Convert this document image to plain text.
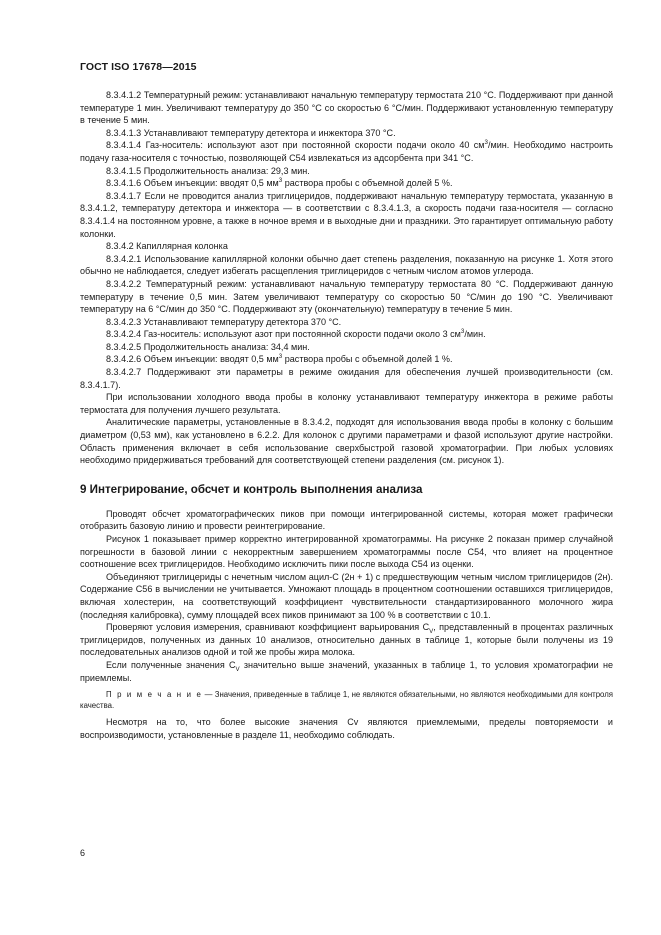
ГОСТ ISO 17678—2015

8.3.4.1.2 Температурный режим: устанавливают начальную температуру термостата 210 °С. Поддерживают при данной температуре 1 мин. Увеличивают температуру до 350 °С со скоростью 6 °С/мин. Поддерживают установленную температуру в течение 5 мин.

8.3.4.1.3 Устанавливают температуру детектора и инжектора 370 °С.

8.3.4.1.4 Газ-носитель: используют азот при постоянной скорости подачи около 40 $см^3$/мин. Необходимо настроить подачу газа-носителя с точностью, позволяющей С54 извлекаться из адсорбента при 341 °С.

8.3.4.1.5 Продолжительность анализа: 29,3 мин.

8.3.4.1.6 Объем инъекции: вводят 0,5 $мм^3$ раствора пробы с объемной долей 5 %.

8.3.4.1.7 Если не проводится анализ триглицеридов, поддерживают начальную температуру термостата, указанную в 8.3.4.1.2, температуру детектора и инжектора — в соответствии с 8.3.4.1.3, а скорость подачи газа-носителя — согласно 8.3.4.1.4 на постоянном уровне, а также в ночное время и в выходные дни и праздники. Это гарантирует оптимальную работу колонки.

8.3.4.2 Капиллярная колонка

8.3.4.2.1 Использование капиллярной колонки обычно дает степень разделения, показанную на рисунке 1. Хотя этого обычно не наблюдается, следует избегать расщепления триглицеридов с четным числом атомов углерода.

8.3.4.2.2 Температурный режим: устанавливают начальную температуру термостата 80 °С. Поддерживают данную температуру в течение 0,5 мин. Затем увеличивают температуру со скоростью 50 °С/мин до 190 °С. Увеличивают температуру на 6 °С/мин до 350 °С. Поддерживают эту (окончательную) температуру в течение 5 мин.

8.3.4.2.3 Устанавливают температуру детектора 370 °С.

8.3.4.2.4 Газ-носитель: используют азот при постоянной скорости подачи около 3 $см^3$/мин.

8.3.4.2.5 Продолжительность анализа: 34,4 мин.

8.3.4.2.6 Объем инъекции: вводят 0,5 $мм^3$ раствора пробы с объемной долей 1 %.

8.3.4.2.7 Поддерживают эти параметры в режиме ожидания для обеспечения лучшей производительности (см. 8.3.4.1.7).

При использовании холодного ввода пробы в колонку устанавливают температуру инжектора в режиме работы термостата для получения лучшего результата.

Аналитические параметры, установленные в 8.3.4.2, подходят для использования ввода пробы в колонку с большим диаметром (0,53 мм), как установлено в 6.2.2. Для колонок с другими параметрами и фазой используют другие настройки. Область применения включает в себя использование сверхбыстрой газовой хроматографии. При любых условиях необходимо придерживаться требований для соответствующей степени разделения (см. рисунок 1).

9 Интегрирование, обсчет и контроль выполнения анализа

Проводят обсчет хроматографических пиков при помощи интегрированной системы, которая может графически отобразить базовую линию и провести реинтегрирование.

Рисунок 1 показывает пример корректно интегрированной хроматограммы. На рисунке 2 показан пример случайной погрешности в базовой линии с некорректным завершением хроматограммы после С54, что влияет на процентное соотношение всех триглицеридов. Необходимо исключить пики после выхода С54 из оценки.

Объединяют триглицериды с нечетным числом ацил-С (2н + 1) с предшествующим четным числом триглицеридов (2н). Содержание С56 в вычислении не учитывается. Умножают площадь в процентном соотношении оставшихся триглицеридов, включая холестерин, на соответствующий коэффициент чувствительности стандартизированного молочного жира (последняя калибровка), сумму площадей всех пиков принимают за 100 % в соответствии с 10.1.

Проверяют условия измерения, сравнивают коэффициент варьирования $С_V$, представленный в процентах различных триглицеридов, полученных из данных 10 анализов, относительно данных в таблице 1, которые были получены из 19 последовательных анализов одной и той же пробы жира молока.

Если полученные значения $С_V$ значительно выше значений, указанных в таблице 1, то условия хроматографии не приемлемы.

П р и м е ч а н и е — Значения, приведенные в таблице 1, не являются обязательными, но являются необходимыми для контроля качества.

Несмотря на то, что более высокие значения Cv являются приемлемыми, пределы повторяемости и воспроизводимости, установленные в разделе 11, необходимо соблюдать.

6
